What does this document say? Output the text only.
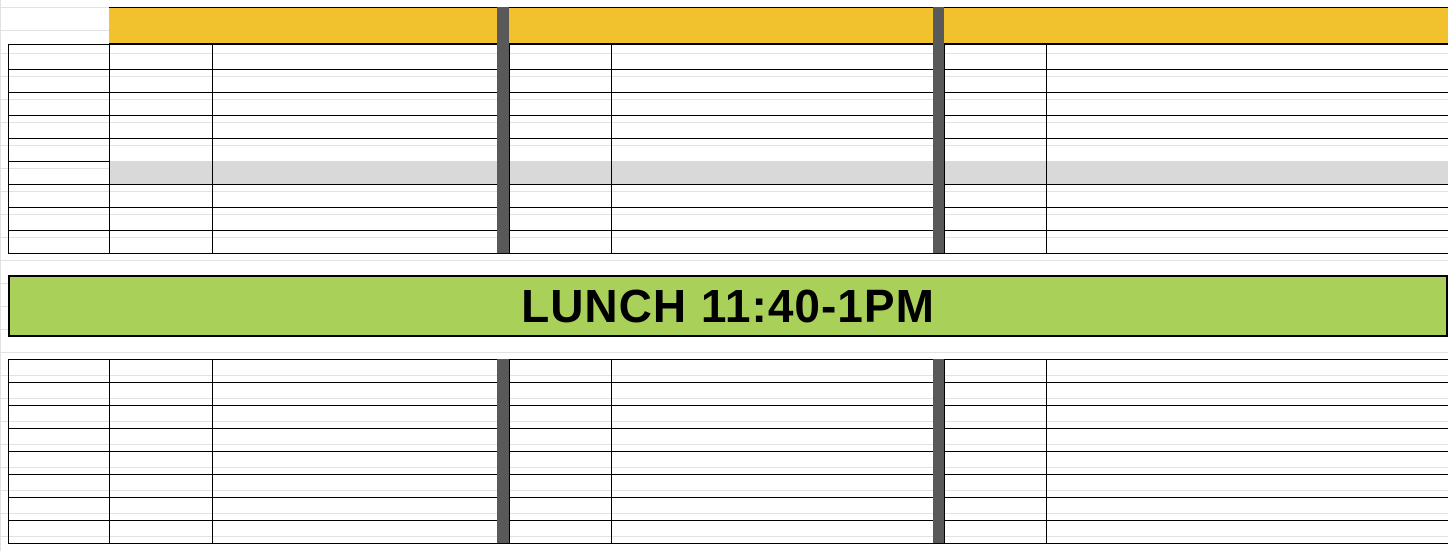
LUNCH 11:40-1PM
